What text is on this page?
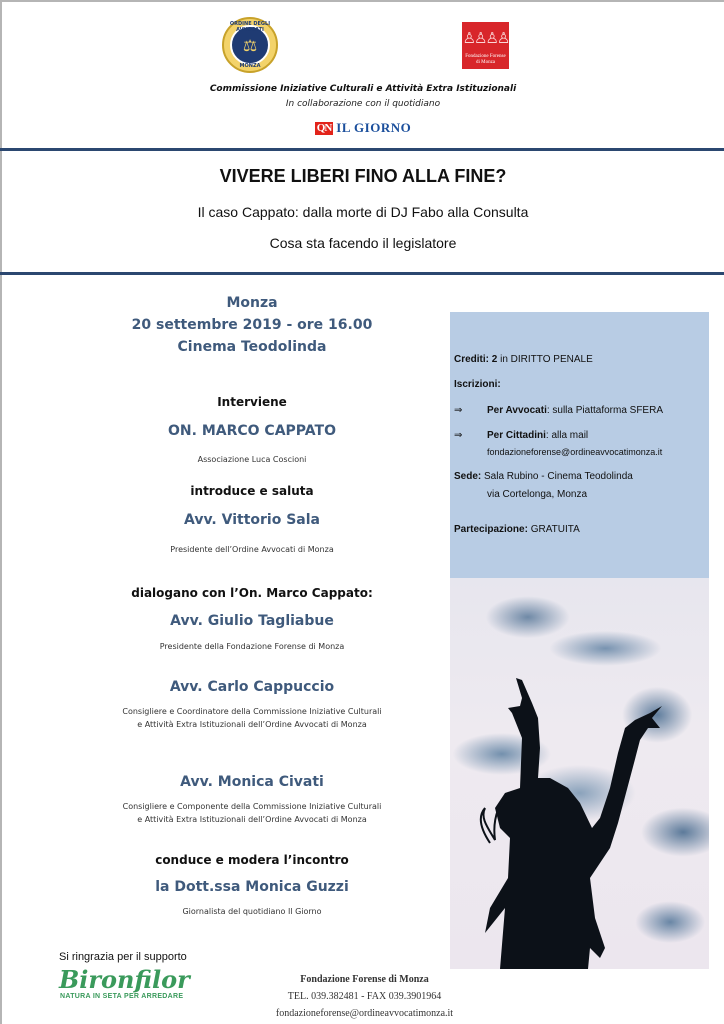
ORDINE DEGLI AVVOCATI
⚖
MONZA
♙♙♙♙
Fondazione Forense
di Monza
Commissione Iniziative Culturali e Attività Extra Istituzionali
In collaborazione con il quotidiano
QN IL GIORNO
VIVERE LIBERI FINO ALLA FINE?
Il caso Cappato: dalla morte di DJ Fabo alla Consulta
Cosa sta facendo il legislatore
Monza
20 settembre 2019 - ore 16.00
Cinema Teodolinda
Interviene
ON. MARCO CAPPATO
Associazione Luca Coscioni
introduce e saluta
Avv. Vittorio Sala
Presidente dell’Ordine Avvocati di Monza
dialogano con l’On. Marco Cappato:
Avv. Giulio Tagliabue
Presidente della Fondazione Forense di Monza
Avv. Carlo Cappuccio
Consigliere e Coordinatore della Commissione Iniziative Culturali
e Attività Extra Istituzionali dell’Ordine Avvocati di Monza
Avv. Monica Civati
Consigliere e Componente della Commissione Iniziative Culturali
e Attività Extra Istituzionali dell’Ordine Avvocati di Monza
conduce e modera l’incontro
la Dott.ssa Monica Guzzi
Giornalista del quotidiano Il Giorno
Crediti: 2 in DIRITTO PENALE
Iscrizioni:
⇒ Per Avvocati: sulla Piattaforma SFERA
⇒ Per Cittadini: alla mail
fondazioneforense@ordineavvocatimonza.it
Sede: Sala Rubino - Cinema Teodolinda
via Cortelonga, Monza
Partecipazione: GRATUITA
Si ringrazia per il supporto
Bironfilor
NATURA IN SETA PER ARREDARE
Fondazione Forense di Monza
TEL. 039.382481 - FAX 039.3901964
fondazioneforense@ordineavvocatimonza.it
